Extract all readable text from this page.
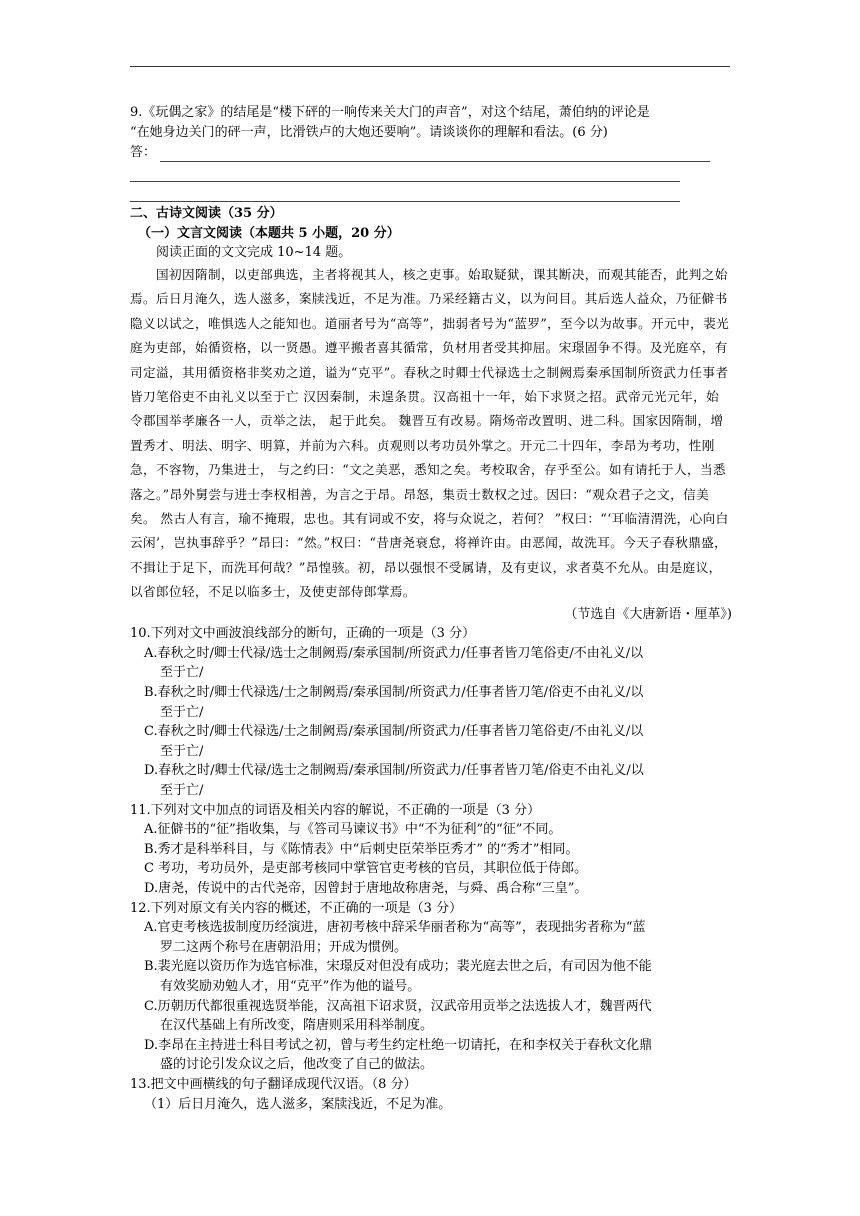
9.《玩偶之家》的结尾是“楼下砰的一响传来关大门的声音”，对这个结尾，萧伯纳的评论是

“在她身边关门的砰一声，比滑铁卢的大炮还要响”。请谈谈你的理解和看法。(6 分)

答：

二、古诗文阅读（35 分）

（一）文言文阅读（本题共 5 小题，20 分）

阅读正面的文文完成 10~14 题。

国初因隋制，以吏部典选，主者将视其人，核之吏事。始取疑狱，课其断决，而观其能否，此判之始焉。后日月淹久，选人滋多，案牍浅近，不足为准。乃采经籍古义，以为问目。其后选人益众，乃征僻书隐义以试之，唯惧选人之能知也。道丽者号为“高等”，拙弱者号为“蓝罗”，至今以为故事。开元中，裴光庭为吏部，始循资格，以一贤愚。遵平搬者喜其循常，负材用者受其抑屈。宋璟固争不得。及光庭卒，有司定溢，其用循资格非奖劝之道，谥为“克平”。春秋之时卿士代禄选士之制阙焉秦承国制所资武力任事者皆刀笔俗吏不由礼义以至于亡 汉因秦制，未遑条贯。汉高祖十一年，始下求贤之招。武帝元光元年，始令郡国举孝廉各一人，贡举之法， 起于此矣。 魏晋互有改易。隋炀帝改置明、进二科。国家因隋制，增置秀才、明法、明字、明算，并前为六科。贞观则以考功员外掌之。开元二十四年，李昂为考功，性刚急，不容物，乃集进士， 与之约曰：“文之美恶，悉知之矣。考校取舍，存乎至公。如有请托于人，当悉落之。”昂外舅尝与进士李权相善，为言之于昂。昂怒，集贡士数权之过。因曰：“观众君子之文，信美矣。 然古人有言，瑜不掩瑕，忠也。其有词或不安，将与众说之，若何？ ”权曰：“‘耳临清渭洗，心向白云闲’，岂执事辞乎？”昂曰：“然。”权曰：“昔唐尧衰怠，将禅许由。由恶闻，故洗耳。今天子春秋鼎盛，不揖让于足下，而洗耳何哉？”昂惶骇。初，昂以强恨不受属请，及有吏议，求者莫不允从。由是庭议，以省郎位轻，不足以临多士，及使吏部侍郎掌焉。

（节选自《大唐新语・厘革》)

10.下列对文中画波浪线部分的断句，正确的一项是（3 分）

A.春秋之时/卿士代禄/选士之制阙焉/秦承国制/所资武力/任事者皆刀笔俗吏/不由礼义/以

至于亡/

B.春秋之时/卿士代禄选/士之制阙焉/秦承国制/所资武力/任事者皆刀笔/俗吏不由礼义/以

至于亡/

C.春秋之时/卿士代禄选/士之制阙焉/秦承国制/所资武力/任事者皆刀笔俗吏/不由礼义/以

至于亡/

D.春秋之时/卿士代禄/选士之制阙焉/秦承国制/所资武力/任事者皆刀笔/俗吏不由礼义/以

至于亡/

11.下列对文中加点的词语及相关内容的解说，不正确的一项是（3 分）

A.征僻书的“征”指收集，与《答司马谏议书》中“不为征利”的“征”不同。

B.秀才是科举科目，与《陈情表》中“后刺史臣荣举臣秀才” 的“秀才”相同。

C 考功，考功员外，是吏部考核同中掌管官吏考核的官员，其职位低于侍郎。

D.唐尧，传说中的古代尧帝，因曾封于唐地故称唐尧，与舜、禹合称“三皇”。

12.下列对原文有关内容的概述，不正确的一项是（3 分）

A.官吏考核选拔制度历经演进，唐初考核中辞采华丽者称为“高等”，表现拙劣者称为“蓝

罗二这两个称号在唐朝沿用；开成为惯例。

B.裴光庭以资历作为选官标准，宋璟反对但没有成功；裴光庭去世之后，有司因为他不能

有效奖励劝勉人才，用“克平”作为他的谥号。

C.历朝历代都很重视选贤举能，汉高祖下诏求贤，汉武帝用贡举之法选拔人才，魏晋两代

在汉代基础上有所改变，隋唐则采用科举制度。

D.李昂在主持进士科目考试之初，曾与考生约定杜绝一切请托，在和李权关于春秋文化鼎

盛的讨论引发众议之后，他改变了自己的做法。

13.把文中画横线的句子翻译成现代汉语。（8 分）

（1）后日月淹久，选人滋多，案牍浅近，不足为准。
